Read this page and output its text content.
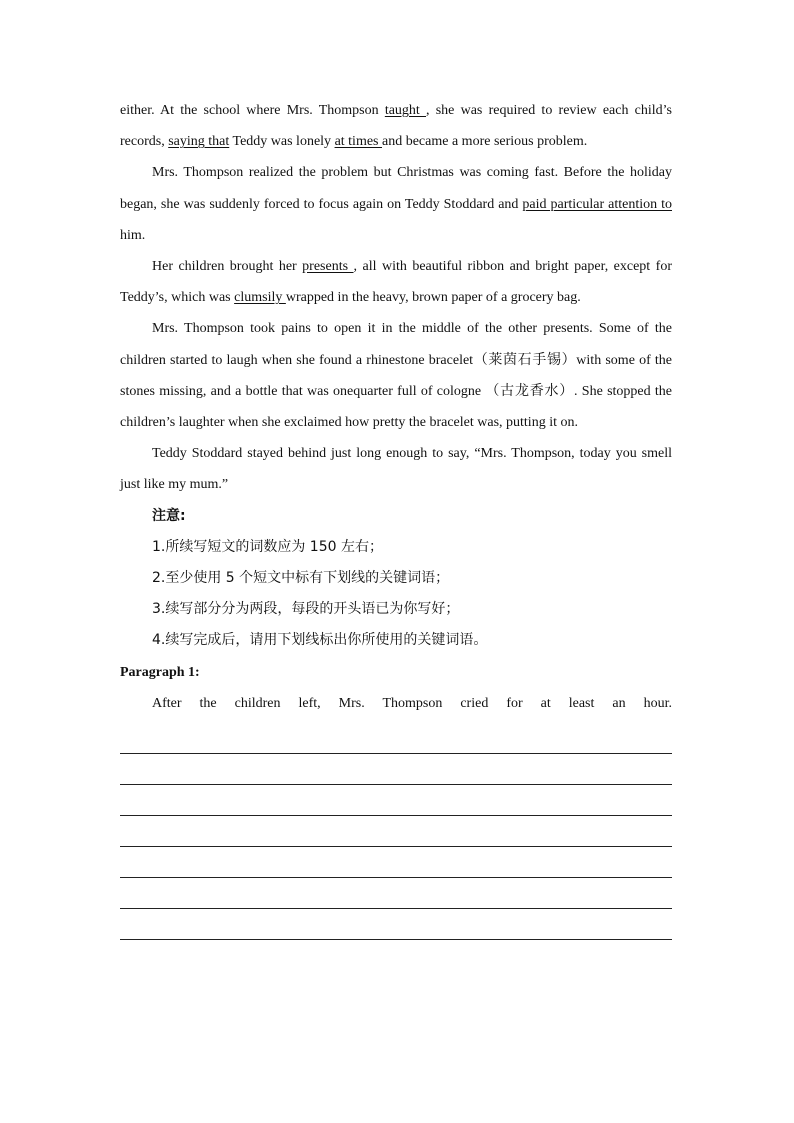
either. At the school where Mrs. Thompson taught , she was required to review each child’s records, saying that Teddy was lonely at times and became a more serious problem.

Mrs. Thompson realized the problem but Christmas was coming fast. Before the holiday began, she was suddenly forced to focus again on Teddy Stoddard and paid particular attention to him.

Her children brought her presents , all with beautiful ribbon and bright paper, except for Teddy’s, which was clumsily wrapped in the heavy, brown paper of a grocery bag.

Mrs. Thompson took pains to open it in the middle of the other presents. Some of the children started to laugh when she found a rhinestone bracelet（莱茵石手锡）with some of the stones missing, and a bottle that was onequarter full of cologne （古龙香水）. She stopped the children’s laughter when she exclaimed how pretty the bracelet was, putting it on.

Teddy Stoddard stayed behind just long enough to say, “Mrs. Thompson, today you smell just like my mum.”

注意:

1.所续写短文的词数应为 150 左右；

2.至少使用 5 个短文中标有下划线的关键词语；

3.续写部分分为两段，每段的开头语已为你写好；

4.续写完成后，请用下划线标出你所使用的关键词语。

Paragraph 1:

After the children left, Mrs. Thompson cried for at least an hour.
